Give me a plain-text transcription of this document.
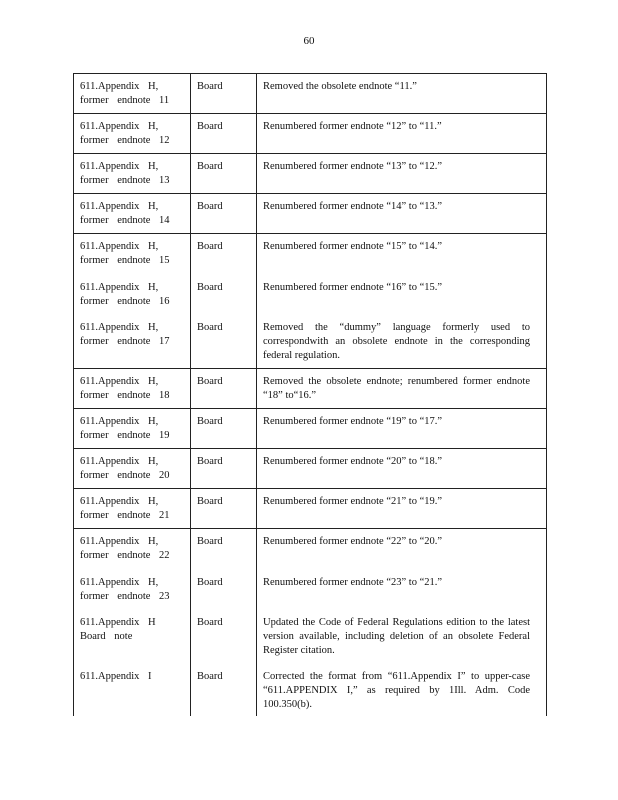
60
611.Appendix H, former endnote 11	Board	Removed the obsolete endnote “11.”

611.Appendix H, former endnote 12	Board	Renumbered former endnote “12” to “11.”

611.Appendix H, former endnote 13	Board	Renumbered former endnote “13” to “12.”

611.Appendix H, former endnote 14	Board	Renumbered former endnote “14” to “13.”

611.Appendix H, former endnote 15	Board	Renumbered former endnote “15” to “14.”

611.Appendix H, former endnote 16	Board	Renumbered former endnote “16” to “15.”

611.Appendix H, former endnote 17	Board	Removed the “dummy” language formerly used to correspondwith an obsolete endnote in the corresponding federal regulation.

611.Appendix H, former endnote 18	Board	Removed the obsolete endnote; renumbered former endnote “18” to“16.”

611.Appendix H, former endnote 19	Board	Renumbered former endnote “19” to “17.”

611.Appendix H, former endnote 20	Board	Renumbered former endnote “20” to “18.”

611.Appendix H, former endnote 21	Board	Renumbered former endnote “21” to “19.”

611.Appendix H, former endnote 22	Board	Renumbered former endnote “22” to “20.”

611.Appendix H, former endnote 23	Board	Renumbered former endnote “23” to “21.”

611.Appendix H Board note	Board	Updated the Code of Federal Regulations edition to the latest version available, including deletion of an obsolete Federal Register citation.

611.Appendix I	Board	Corrected the format from “611.Appendix I” to upper-case “611.APPENDIX I,” as required by 1Ill. Adm. Code 100.350(b).
